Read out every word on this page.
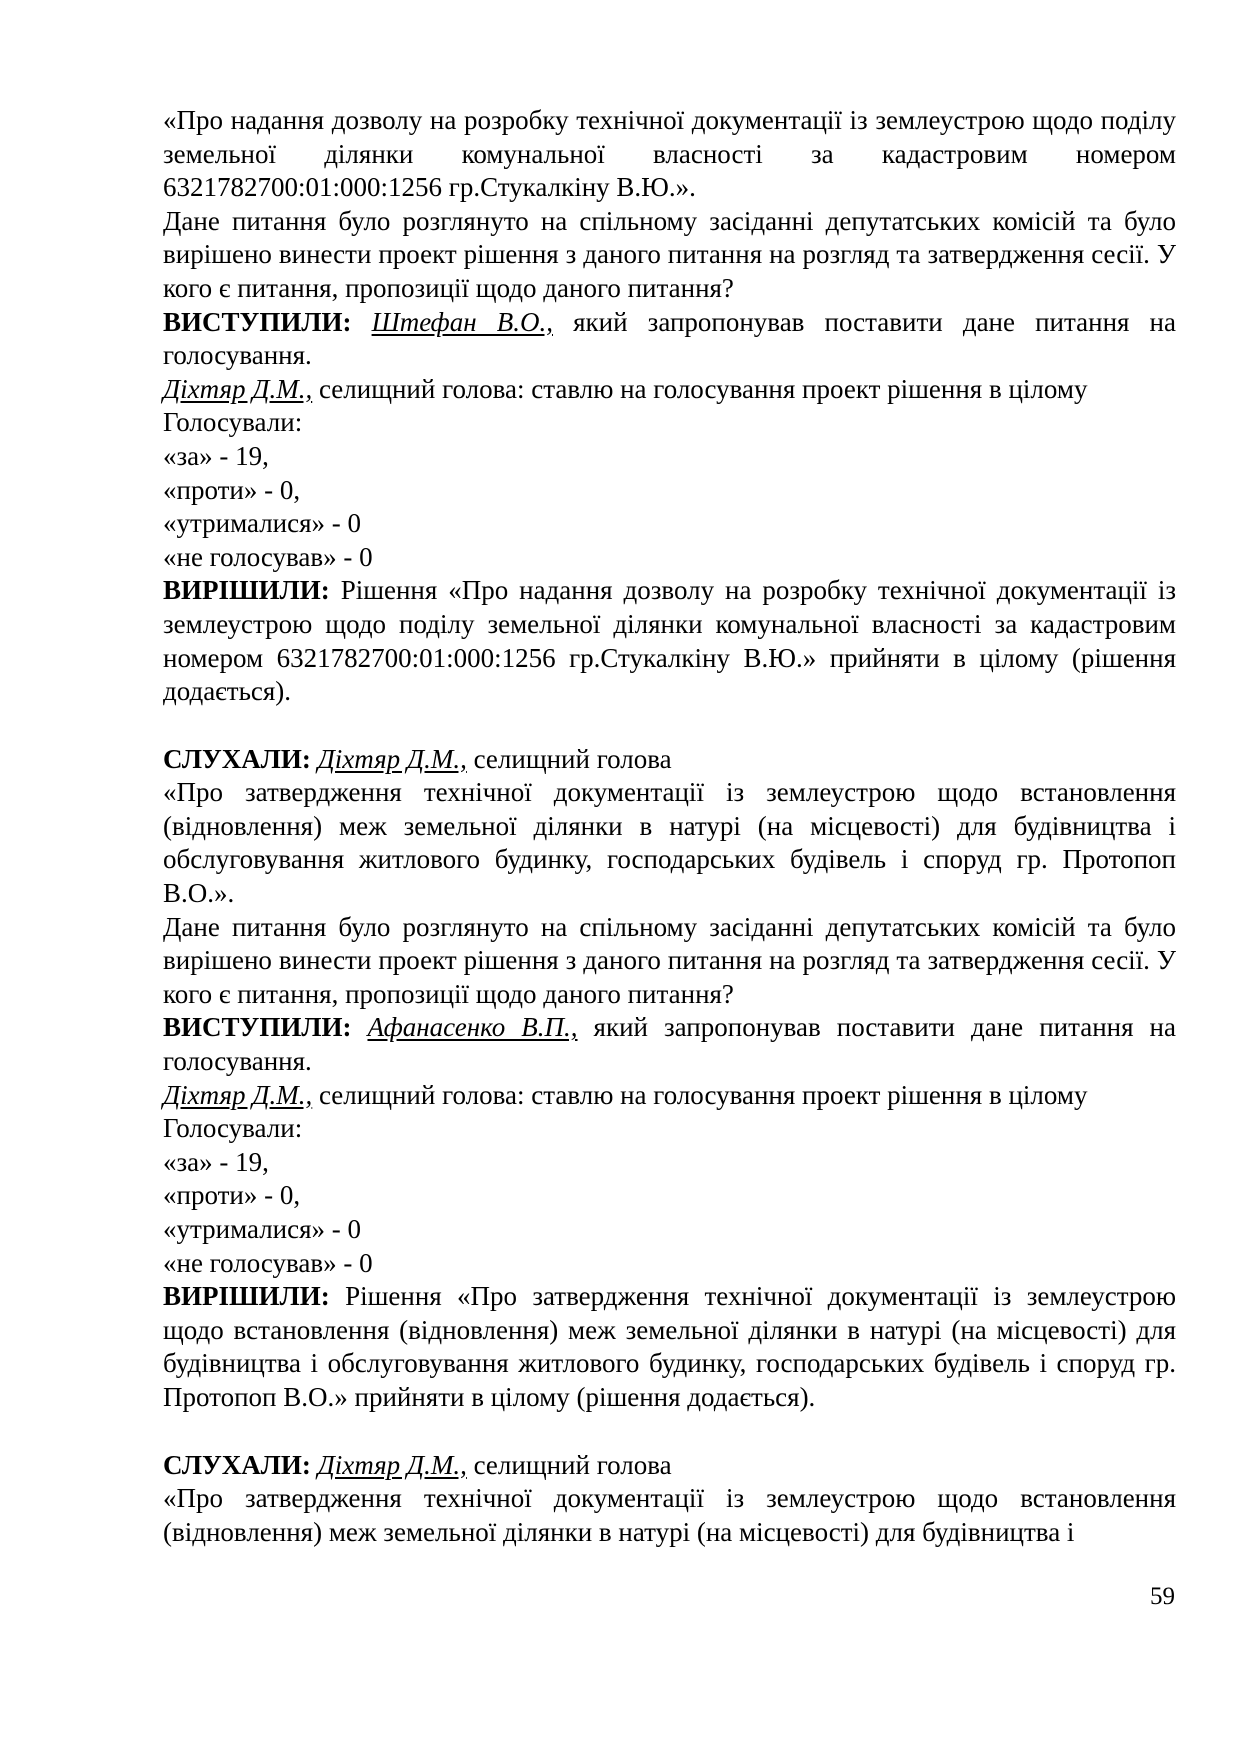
«Про надання дозволу на розробку технічної документації із землеустрою щодо поділу земельної ділянки комунальної власності за кадастровим номером 6321782700:01:000:1256 гр.Стукалкіну В.Ю.».

Дане питання було розглянуто на спільному засіданні депутатських комісій та було вирішено винести проект рішення з даного питання на розгляд та затвердження сесії. У кого є питання, пропозиції щодо даного питання?

ВИСТУПИЛИ: Штефан В.О., який запропонував поставити дане питання на голосування.

Діхтяр Д.М., селищний голова: ставлю на голосування проект рішення в цілому

Голосували:

«за» - 19,

«проти» - 0,

«утрималися» - 0

«не голосував» - 0

ВИРІШИЛИ: Рішення «Про надання дозволу на розробку технічної документації із землеустрою щодо поділу земельної ділянки комунальної власності за кадастровим номером 6321782700:01:000:1256 гр.Стукалкіну В.Ю.» прийняти в цілому (рішення додається).

СЛУХАЛИ: Діхтяр Д.М., селищний голова

«Про затвердження технічної документації із землеустрою щодо встановлення (відновлення) меж земельної ділянки в натурі (на місцевості) для будівництва і обслуговування житлового будинку, господарських будівель і споруд гр. Протопоп В.О.».

Дане питання було розглянуто на спільному засіданні депутатських комісій та було вирішено винести проект рішення з даного питання на розгляд та затвердження сесії. У кого є питання, пропозиції щодо даного питання?

ВИСТУПИЛИ: Афанасенко В.П., який запропонував поставити дане питання на голосування.

Діхтяр Д.М., селищний голова: ставлю на голосування проект рішення в цілому

Голосували:

«за» - 19,

«проти» - 0,

«утрималися» - 0

«не голосував» - 0

ВИРІШИЛИ: Рішення «Про затвердження технічної документації із землеустрою щодо встановлення (відновлення) меж земельної ділянки в натурі (на місцевості) для будівництва і обслуговування житлового будинку, господарських будівель і споруд гр. Протопоп В.О.» прийняти в цілому (рішення додається).

СЛУХАЛИ: Діхтяр Д.М., селищний голова

«Про затвердження технічної документації із землеустрою щодо встановлення (відновлення) меж земельної ділянки в натурі (на місцевості) для будівництва і

59
